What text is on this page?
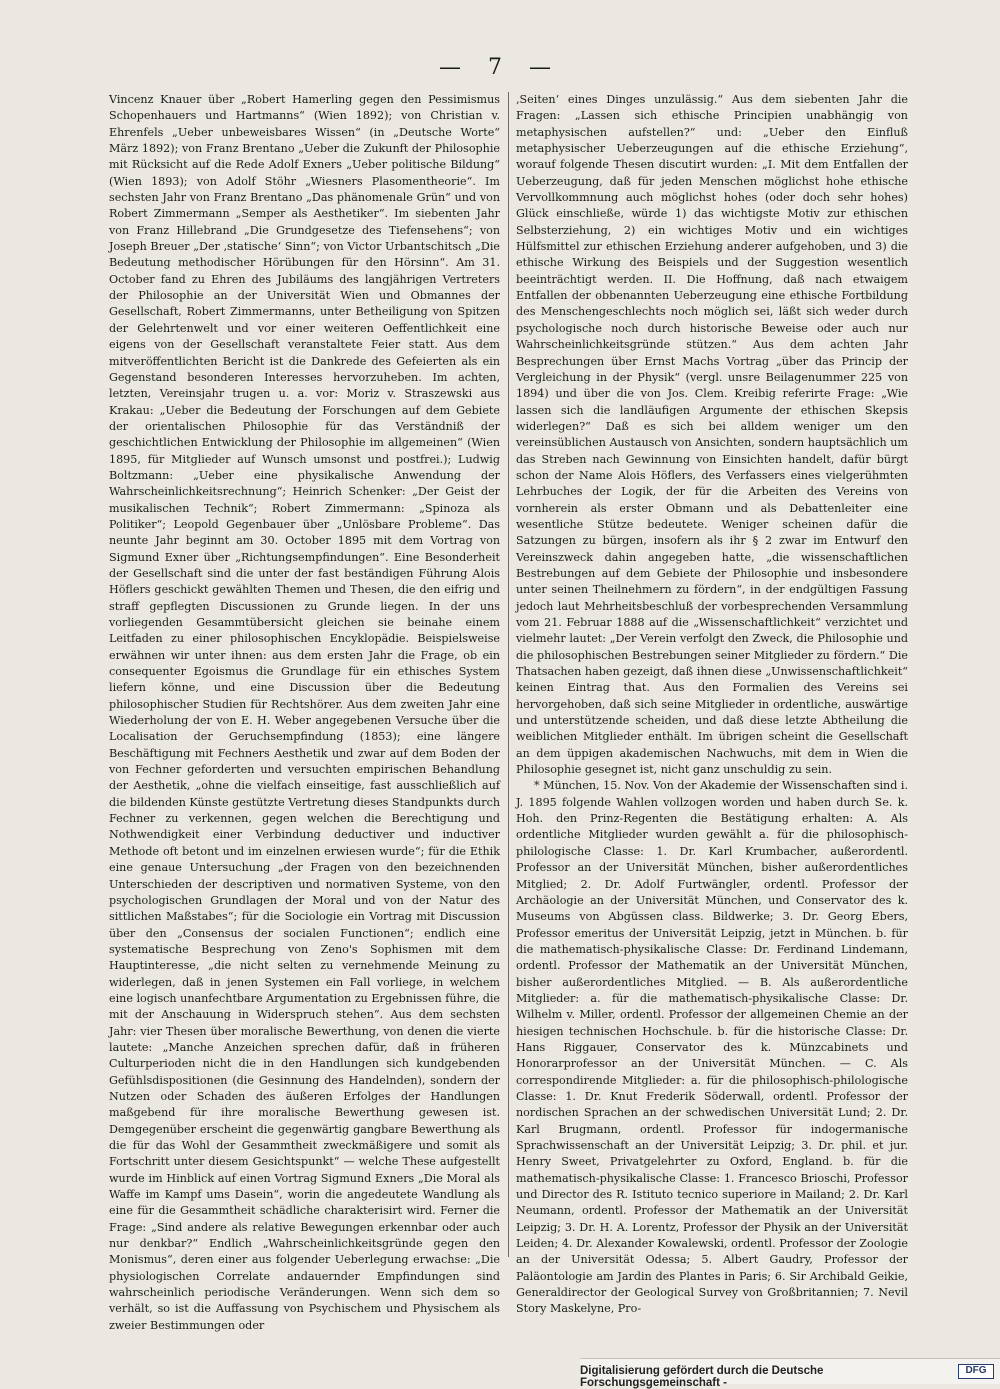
— 7 —

Vincenz Knauer über „Robert Hamerling gegen den Pessimismus Schopenhauers und Hartmanns“ (Wien 1892); von Christian v. Ehrenfels „Ueber unbeweisbares Wissen“ (in „Deutsche Worte“ März 1892); von Franz Brentano „Ueber die Zukunft der Philosophie mit Rücksicht auf die Rede Adolf Exners „Ueber politische Bildung“ (Wien 1893); von Adolf Stöhr „Wiesners Plasomentheorie“. Im sechsten Jahr von Franz Brentano „Das phänomenale Grün“ und von Robert Zimmermann „Semper als Aesthetiker“. Im siebenten Jahr von Franz Hillebrand „Die Grundgesetze des Tiefensehens“; von Joseph Breuer „Der ‚statische‘ Sinn“; von Victor Urbantschitsch „Die Bedeutung methodischer Hörübungen für den Hörsinn“. Am 31. October fand zu Ehren des Jubiläums des langjährigen Vertreters der Philosophie an der Universität Wien und Obmannes der Gesellschaft, Robert Zimmermanns, unter Betheiligung von Spitzen der Gelehrtenwelt und vor einer weiteren Oeffentlichkeit eine eigens von der Gesellschaft veranstaltete Feier statt. Aus dem mitveröffentlichten Bericht ist die Dankrede des Gefeierten als ein Gegenstand besonderen Interesses hervorzuheben. Im achten, letzten, Vereinsjahr trugen u. a. vor: Moriz v. Straszewski aus Krakau: „Ueber die Bedeutung der Forschungen auf dem Gebiete der orientalischen Philosophie für das Verständniß der geschichtlichen Entwicklung der Philosophie im allgemeinen“ (Wien 1895, für Mitglieder auf Wunsch umsonst und postfrei.); Ludwig Boltzmann: „Ueber eine physikalische Anwendung der Wahrscheinlichkeitsrechnung“; Heinrich Schenker: „Der Geist der musikalischen Technik“; Robert Zimmermann: „Spinoza als Politiker“; Leopold Gegenbauer über „Unlösbare Probleme“. Das neunte Jahr beginnt am 30. October 1895 mit dem Vortrag von Sigmund Exner über „Richtungsempfindungen“. Eine Besonderheit der Gesellschaft sind die unter der fast beständigen Führung Alois Höflers geschickt gewählten Themen und Thesen, die den eifrig und straff gepflegten Discussionen zu Grunde liegen. In der uns vorliegenden Gesammtübersicht gleichen sie beinahe einem Leitfaden zu einer philosophischen Encyklopädie. Beispielsweise erwähnen wir unter ihnen: aus dem ersten Jahr die Frage, ob ein consequenter Egoismus die Grundlage für ein ethisches System liefern könne, und eine Discussion über die Bedeutung philosophischer Studien für Rechtshörer. Aus dem zweiten Jahr eine Wiederholung der von E. H. Weber angegebenen Versuche über die Localisation der Geruchsempfindung (1853); eine längere Beschäftigung mit Fechners Aesthetik und zwar auf dem Boden der von Fechner geforderten und versuchten empirischen Behandlung der Aesthetik, „ohne die vielfach einseitige, fast ausschließlich auf die bildenden Künste gestützte Vertretung dieses Standpunkts durch Fechner zu verkennen, gegen welchen die Berechtigung und Nothwendigkeit einer Verbindung deductiver und inductiver Methode oft betont und im einzelnen erwiesen wurde“; für die Ethik eine genaue Untersuchung „der Fragen von den bezeichnenden Unterschieden der descriptiven und normativen Systeme, von den psychologischen Grundlagen der Moral und von der Natur des sittlichen Maßstabes“; für die Sociologie ein Vortrag mit Discussion über den „Consensus der socialen Functionen“; endlich eine systematische Besprechung von Zeno's Sophismen mit dem Hauptinteresse, „die nicht selten zu vernehmende Meinung zu widerlegen, daß in jenen Systemen ein Fall vorliege, in welchem eine logisch unanfechtbare Argumentation zu Ergebnissen führe, die mit der Anschauung in Widerspruch stehen“. Aus dem sechsten Jahr: vier Thesen über moralische Bewerthung, von denen die vierte lautete: „Manche Anzeichen sprechen dafür, daß in früheren Culturperioden nicht die in den Handlungen sich kundgebenden Gefühlsdispositionen (die Gesinnung des Handelnden), sondern der Nutzen oder Schaden des äußeren Erfolges der Handlungen maßgebend für ihre moralische Bewerthung gewesen ist. Demgegenüber erscheint die gegenwärtig gangbare Bewerthung als die für das Wohl der Gesammtheit zweckmäßigere und somit als Fortschritt unter diesem Gesichtspunkt“ — welche These aufgestellt wurde im Hinblick auf einen Vortrag Sigmund Exners „Die Moral als Waffe im Kampf ums Dasein“, worin die angedeutete Wandlung als eine für die Gesammtheit schädliche charakterisirt wird. Ferner die Frage: „Sind andere als relative Bewegungen erkennbar oder auch nur denkbar?“ Endlich „Wahrscheinlichkeitsgründe gegen den Monismus“, deren einer aus folgender Ueberlegung erwachse: „Die physiologischen Correlate andauernder Empfindungen sind wahrscheinlich periodische Veränderungen. Wenn sich dem so verhält, so ist die Auffassung von Psychischem und Physischem als zweier Bestimmungen oder

‚Seiten‘ eines Dinges unzulässig.“ Aus dem siebenten Jahr die Fragen: „Lassen sich ethische Principien unabhängig von metaphysischen aufstellen?“ und: „Ueber den Einfluß metaphysischer Ueberzeugungen auf die ethische Erziehung“, worauf folgende Thesen discutirt wurden: „I. Mit dem Entfallen der Ueberzeugung, daß für jeden Menschen möglichst hohe ethische Vervollkommnung auch möglichst hohes (oder doch sehr hohes) Glück einschließe, würde 1) das wichtigste Motiv zur ethischen Selbsterziehung, 2) ein wichtiges Motiv und ein wichtiges Hülfsmittel zur ethischen Erziehung anderer aufgehoben, und 3) die ethische Wirkung des Beispiels und der Suggestion wesentlich beeinträchtigt werden. II. Die Hoffnung, daß nach etwaigem Entfallen der obbenannten Ueberzeugung eine ethische Fortbildung des Menschengeschlechts noch möglich sei, läßt sich weder durch psychologische noch durch historische Beweise oder auch nur Wahrscheinlichkeitsgründe stützen.“ Aus dem achten Jahr Besprechungen über Ernst Machs Vortrag „über das Princip der Vergleichung in der Physik“ (vergl. unsre Beilagenummer 225 von 1894) und über die von Jos. Clem. Kreibig referirte Frage: „Wie lassen sich die landläufigen Argumente der ethischen Skepsis widerlegen?“ Daß es sich bei alldem weniger um den vereinsüblichen Austausch von Ansichten, sondern hauptsächlich um das Streben nach Gewinnung von Einsichten handelt, dafür bürgt schon der Name Alois Höflers, des Verfassers eines vielgerühmten Lehrbuches der Logik, der für die Arbeiten des Vereins von vornherein als erster Obmann und als Debattenleiter eine wesentliche Stütze bedeutete. Weniger scheinen dafür die Satzungen zu bürgen, insofern als ihr § 2 zwar im Entwurf den Vereinszweck dahin angegeben hatte, „die wissenschaftlichen Bestrebungen auf dem Gebiete der Philosophie und insbesondere unter seinen Theilnehmern zu fördern“, in der endgültigen Fassung jedoch laut Mehrheitsbeschluß der vorbesprechenden Versammlung vom 21. Februar 1888 auf die „Wissenschaftlichkeit“ verzichtet und vielmehr lautet: „Der Verein verfolgt den Zweck, die Philosophie und die philosophischen Bestrebungen seiner Mitglieder zu fördern.“ Die Thatsachen haben gezeigt, daß ihnen diese „Unwissenschaftlichkeit“ keinen Eintrag that. Aus den Formalien des Vereins sei hervorgehoben, daß sich seine Mitglieder in ordentliche, auswärtige und unterstützende scheiden, und daß diese letzte Abtheilung die weiblichen Mitglieder enthält. Im übrigen scheint die Gesellschaft an dem üppigen akademischen Nachwuchs, mit dem in Wien die Philosophie gesegnet ist, nicht ganz unschuldig zu sein.

* München, 15. Nov. Von der Akademie der Wissenschaften sind i. J. 1895 folgende Wahlen vollzogen worden und haben durch Se. k. Hoh. den Prinz-Regenten die Bestätigung erhalten: A. Als ordentliche Mitglieder wurden gewählt a. für die philosophisch-philologische Classe: 1. Dr. Karl Krumbacher, außerordentl. Professor an der Universität München, bisher außerordentliches Mitglied; 2. Dr. Adolf Furtwängler, ordentl. Professor der Archäologie an der Universität München, und Conservator des k. Museums von Abgüssen class. Bildwerke; 3. Dr. Georg Ebers, Professor emeritus der Universität Leipzig, jetzt in München. b. für die mathematisch-physikalische Classe: Dr. Ferdinand Lindemann, ordentl. Professor der Mathematik an der Universität München, bisher außerordentliches Mitglied. — B. Als außerordentliche Mitglieder: a. für die mathematisch-physikalische Classe: Dr. Wilhelm v. Miller, ordentl. Professor der allgemeinen Chemie an der hiesigen technischen Hochschule. b. für die historische Classe: Dr. Hans Riggauer, Conservator des k. Münzcabinets und Honorarprofessor an der Universität München. — C. Als correspondirende Mitglieder: a. für die philosophisch-philologische Classe: 1. Dr. Knut Frederik Söderwall, ordentl. Professor der nordischen Sprachen an der schwedischen Universität Lund; 2. Dr. Karl Brugmann, ordentl. Professor für indogermanische Sprachwissenschaft an der Universität Leipzig; 3. Dr. phil. et jur. Henry Sweet, Privatgelehrter zu Oxford, England. b. für die mathematisch-physikalische Classe: 1. Francesco Brioschi, Professor und Director des R. Istituto tecnico superiore in Mailand; 2. Dr. Karl Neumann, ordentl. Professor der Mathematik an der Universität Leipzig; 3. Dr. H. A. Lorentz, Professor der Physik an der Universität Leiden; 4. Dr. Alexander Kowalewski, ordentl. Professor der Zoologie an der Universität Odessa; 5. Albert Gaudry, Professor der Paläontologie am Jardin des Plantes in Paris; 6. Sir Archibald Geikie, Generaldirector der Geological Survey von Großbritannien; 7. Nevil Story Maskelyne, Pro-

Digitalisierung gefördert durch die Deutsche Forschungsgemeinschaft -
DFG
